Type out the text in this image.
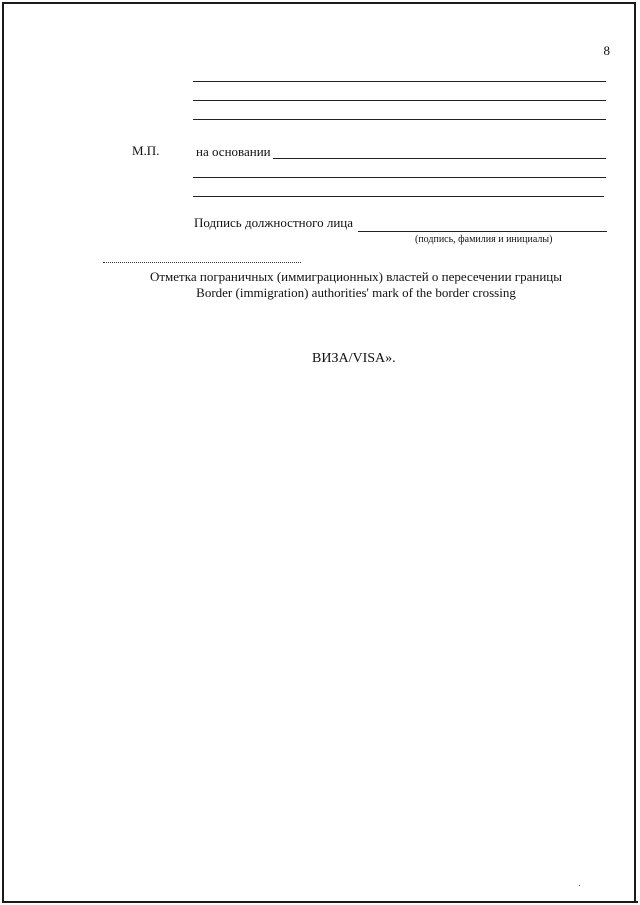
8
М.П.	на основании
Подпись должностного лица
(подпись, фамилия и инициалы)
Отметка пограничных (иммиграционных) властей о пересечении границы
Border (immigration) authorities' mark of the border crossing
ВИЗА/VISA».
